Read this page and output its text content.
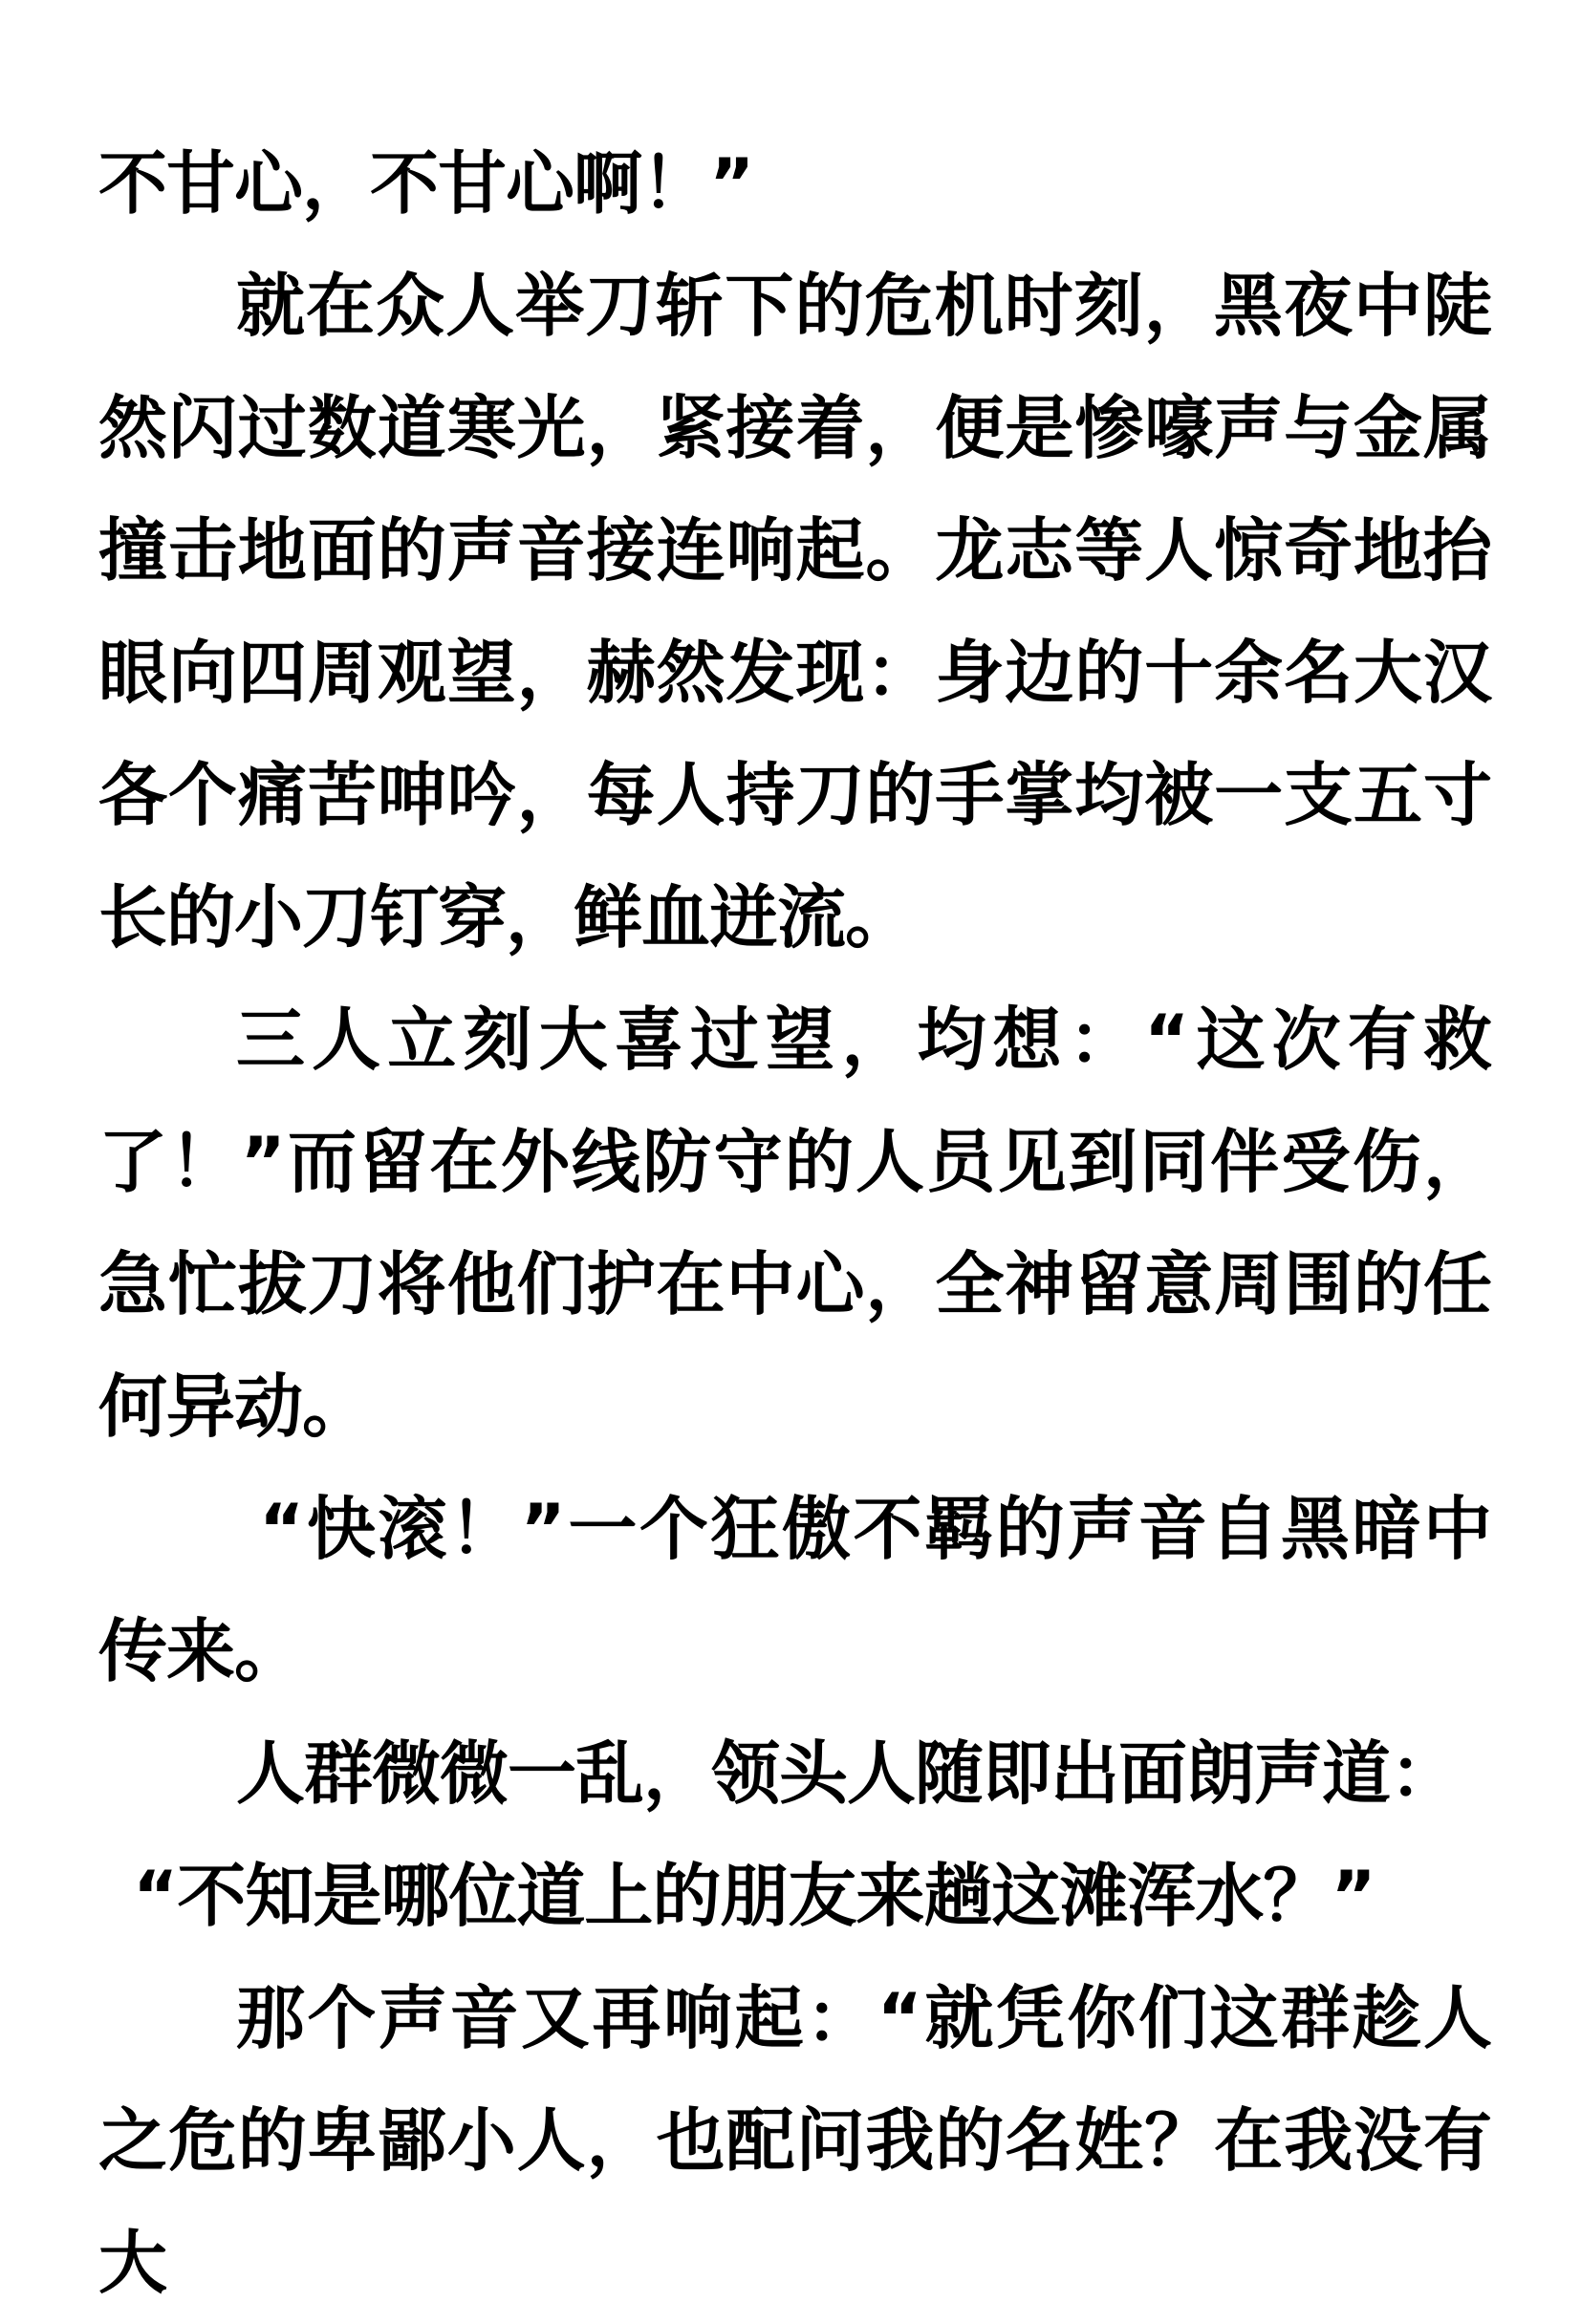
不甘心，不甘心啊！”

就在众人举刀斩下的危机时刻，黑夜中陡然闪过数道寒光，紧接着，便是惨嚎声与金属撞击地面的声音接连响起。龙志等人惊奇地抬眼向四周观望，赫然发现：身边的十余名大汉各个痛苦呻吟，每人持刀的手掌均被一支五寸长的小刀钉穿，鲜血迸流。

三人立刻大喜过望，均想：“这次有救了！”而留在外线防守的人员见到同伴受伤，急忙拔刀将他们护在中心，全神留意周围的任何异动。

“快滚！”一个狂傲不羁的声音自黑暗中传来。

人群微微一乱，领头人随即出面朗声道：

“不知是哪位道上的朋友来趟这滩浑水？”

那个声音又再响起：“就凭你们这群趁人之危的卑鄙小人，也配问我的名姓？在我没有大
